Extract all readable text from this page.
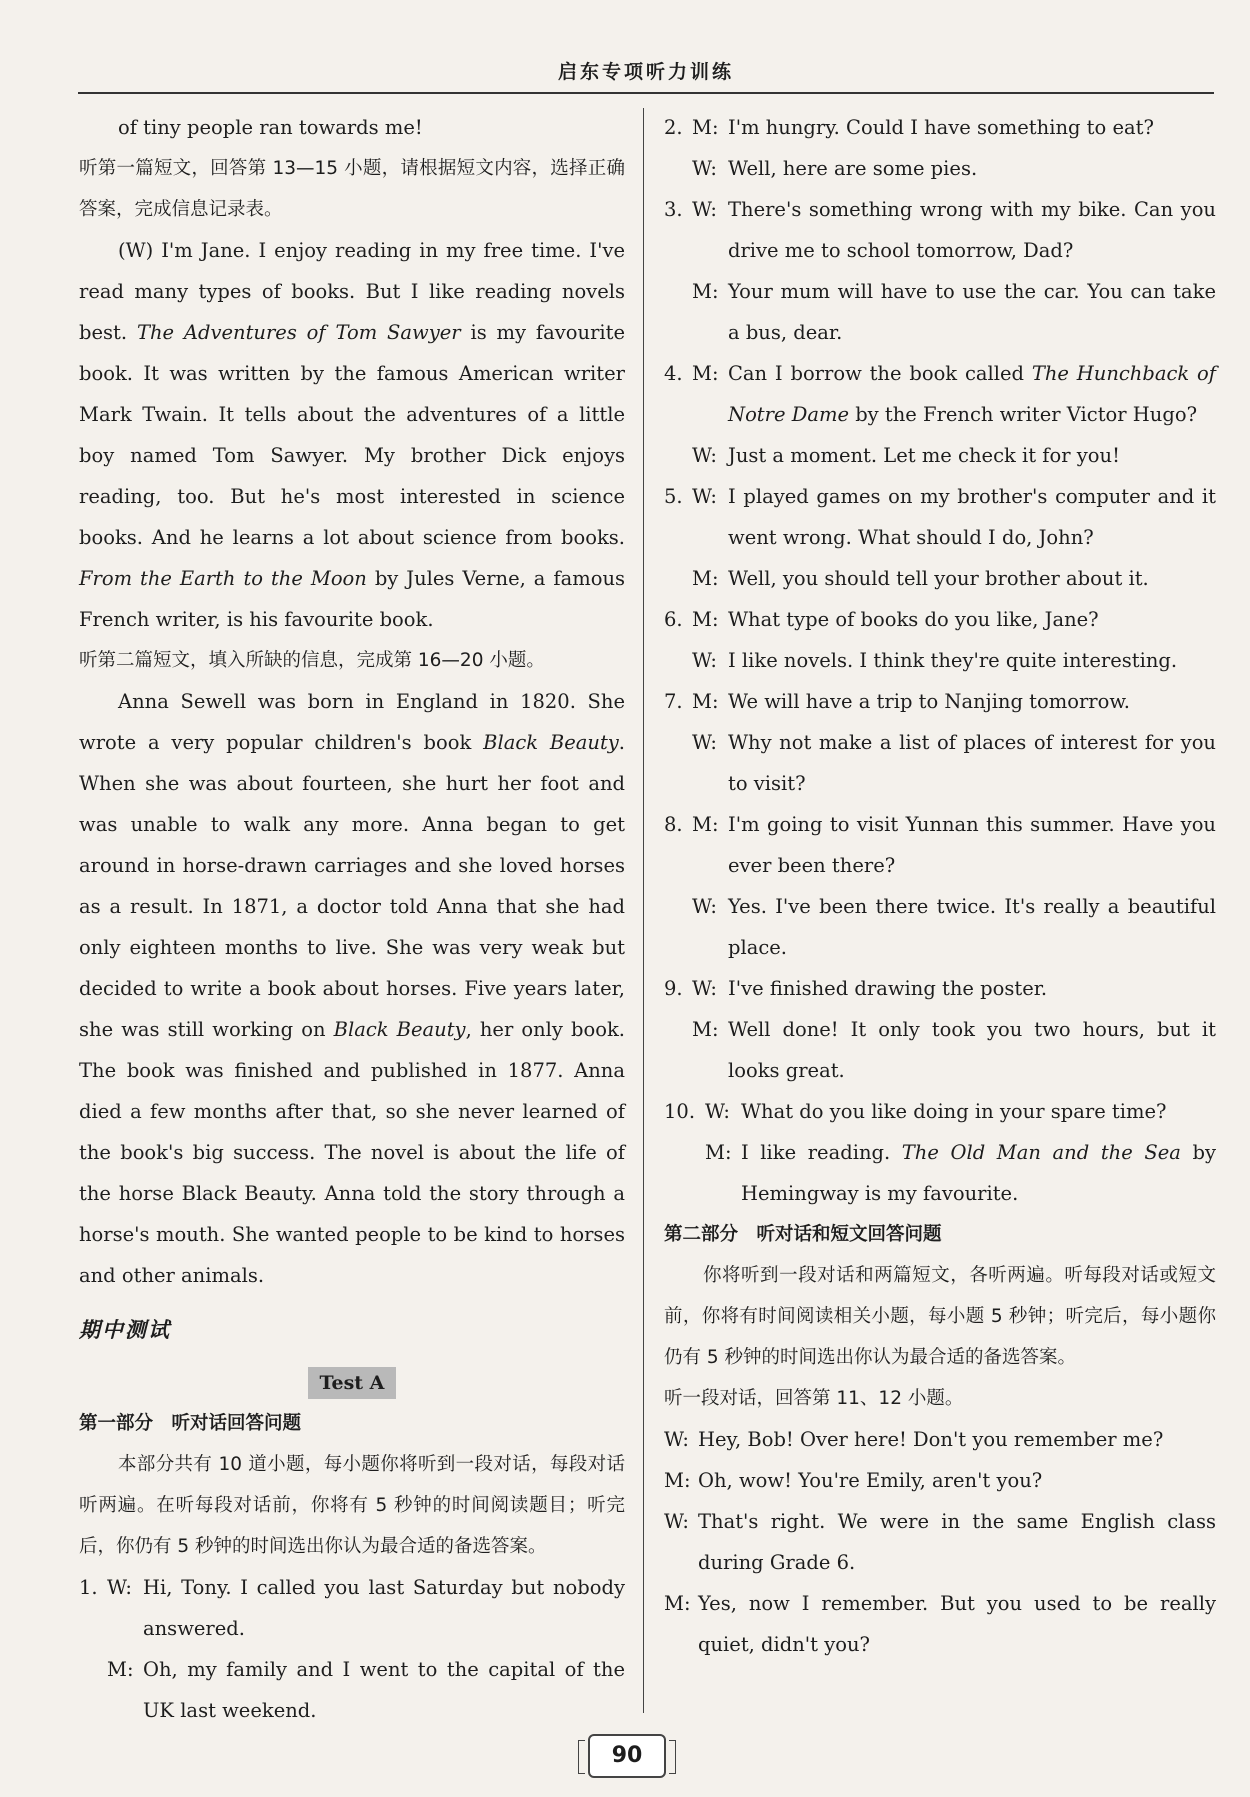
启东专项听力训练

of tiny people ran towards me!

听第一篇短文，回答第 13—15 小题，请根据短文内容，选择正确答案，完成信息记录表。

(W) I'm Jane. I enjoy reading in my free time. I've read many types of books. But I like reading novels best. The Adventures of Tom Sawyer is my favourite book. It was written by the famous American writer Mark Twain. It tells about the adventures of a little boy named Tom Sawyer. My brother Dick enjoys reading, too. But he's most interested in science books. And he learns a lot about science from books. From the Earth to the Moon by Jules Verne, a famous French writer, is his favourite book.

听第二篇短文，填入所缺的信息，完成第 16—20 小题。

Anna Sewell was born in England in 1820. She wrote a very popular children's book Black Beauty. When she was about fourteen, she hurt her foot and was unable to walk any more. Anna began to get around in horse-drawn carriages and she loved horses as a result. In 1871, a doctor told Anna that she had only eighteen months to live. She was very weak but decided to write a book about horses. Five years later, she was still working on Black Beauty, her only book. The book was finished and published in 1877. Anna died a few months after that, so she never learned of the book's big success. The novel is about the life of the horse Black Beauty. Anna told the story through a horse's mouth. She wanted people to be kind to horses and other animals.

期中测试

Test A

第一部分　听对话回答问题

本部分共有 10 道小题，每小题你将听到一段对话，每段对话听两遍。在听每段对话前，你将有 5 秒钟的时间阅读题目；听完后，你仍有 5 秒钟的时间选出你认为最合适的备选答案。

1. W: Hi, Tony. I called you last Saturday but nobody answered.
M: Oh, my family and I went to the capital of the UK last weekend.
2. M: I'm hungry. Could I have something to eat?
W: Well, here are some pies.
3. W: There's something wrong with my bike. Can you drive me to school tomorrow, Dad?
M: Your mum will have to use the car. You can take a bus, dear.
4. M: Can I borrow the book called The Hunchback of Notre Dame by the French writer Victor Hugo?
W: Just a moment. Let me check it for you!
5. W: I played games on my brother's computer and it went wrong. What should I do, John?
M: Well, you should tell your brother about it.
6. M: What type of books do you like, Jane?
W: I like novels. I think they're quite interesting.
7. M: We will have a trip to Nanjing tomorrow.
W: Why not make a list of places of interest for you to visit?
8. M: I'm going to visit Yunnan this summer. Have you ever been there?
W: Yes. I've been there twice. It's really a beautiful place.
9. W: I've finished drawing the poster.
M: Well done! It only took you two hours, but it looks great.
10. W: What do you like doing in your spare time?
M: I like reading. The Old Man and the Sea by Hemingway is my favourite.

第二部分　听对话和短文回答问题

你将听到一段对话和两篇短文，各听两遍。听每段对话或短文前，你将有时间阅读相关小题，每小题 5 秒钟；听完后，每小题你仍有 5 秒钟的时间选出你认为最合适的备选答案。

听一段对话，回答第 11、12 小题。

W: Hey, Bob! Over here! Don't you remember me?
M: Oh, wow! You're Emily, aren't you?
W: That's right. We were in the same English class during Grade 6.
M: Yes, now I remember. But you used to be really quiet, didn't you?
90
